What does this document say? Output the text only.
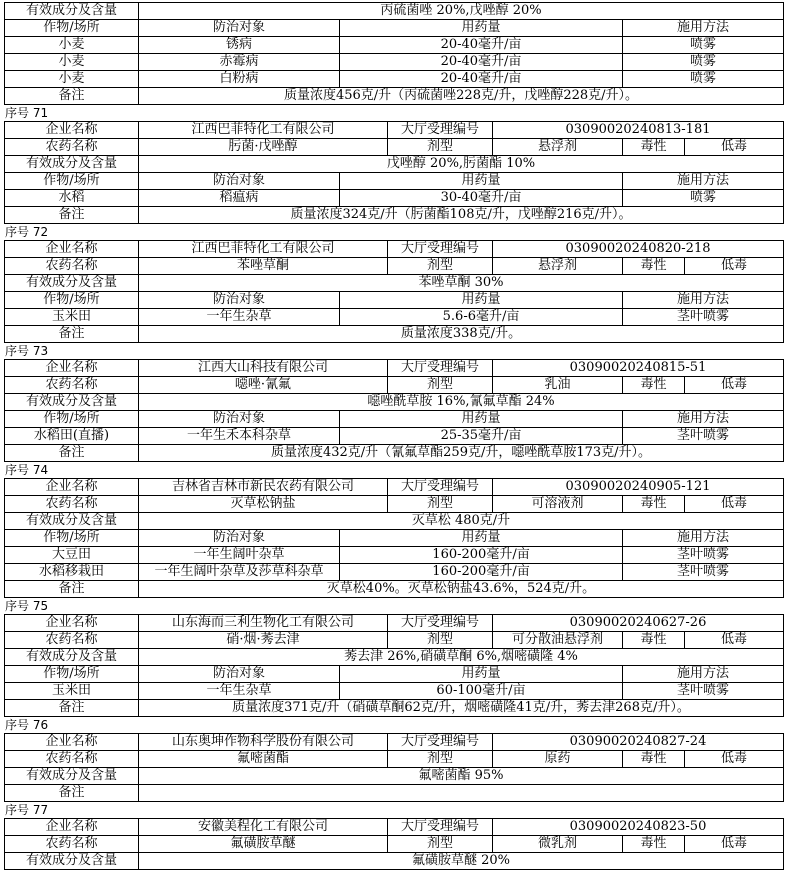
有效成分及含量	丙硫菌唑 20%,戊唑醇 20%
作物/场所	防治对象	用药量	施用方法
小麦	锈病	20-40毫升/亩	喷雾
小麦	赤霉病	20-40毫升/亩	喷雾
小麦	白粉病	20-40毫升/亩	喷雾
备注	质量浓度456克/升（丙硫菌唑228克/升，戊唑醇228克/升）。
序号 71
企业名称	江西巴菲特化工有限公司	大厅受理编号	03090020240813-181
农药名称	肟菌·戊唑醇	剂型	悬浮剂	毒性	低毒
有效成分及含量	戊唑醇 20%,肟菌酯 10%
作物/场所	防治对象	用药量	施用方法
水稻	稻瘟病	30-40毫升/亩	喷雾
备注	质量浓度324克/升（肟菌酯108克/升，戊唑醇216克/升）。
序号 72
企业名称	江西巴菲特化工有限公司	大厅受理编号	03090020240820-218
农药名称	苯唑草酮	剂型	悬浮剂	毒性	低毒
有效成分及含量	苯唑草酮 30%
作物/场所	防治对象	用药量	施用方法
玉米田	一年生杂草	5.6-6毫升/亩	茎叶喷雾
备注	质量浓度338克/升。
序号 73
企业名称	江西大山科技有限公司	大厅受理编号	03090020240815-51
农药名称	噁唑·氰氟	剂型	乳油	毒性	低毒
有效成分及含量	噁唑酰草胺 16%,氰氟草酯 24%
作物/场所	防治对象	用药量	施用方法
水稻田(直播)	一年生禾本科杂草	25-35毫升/亩	茎叶喷雾
备注	质量浓度432克/升（氰氟草酯259克/升，噁唑酰草胺173克/升）。
序号 74
企业名称	吉林省吉林市新民农药有限公司	大厅受理编号	03090020240905-121
农药名称	灭草松钠盐	剂型	可溶液剂	毒性	低毒
有效成分及含量	灭草松 480克/升
作物/场所	防治对象	用药量	施用方法
大豆田	一年生阔叶杂草	160-200毫升/亩	茎叶喷雾
水稻移栽田	一年生阔叶杂草及莎草科杂草	160-200毫升/亩	茎叶喷雾
备注	灭草松40%。灭草松钠盐43.6%，524克/升。
序号 75
企业名称	山东海而三利生物化工有限公司	大厅受理编号	03090020240627-26
农药名称	硝·烟·莠去津	剂型	可分散油悬浮剂	毒性	低毒
有效成分及含量	莠去津 26%,硝磺草酮 6%,烟嘧磺隆 4%
作物/场所	防治对象	用药量	施用方法
玉米田	一年生杂草	60-100毫升/亩	茎叶喷雾
备注	质量浓度371克/升（硝磺草酮62克/升，烟嘧磺隆41克/升，莠去津268克/升）。
序号 76
企业名称	山东奥坤作物科学股份有限公司	大厅受理编号	03090020240827-24
农药名称	氟嘧菌酯	剂型	原药	毒性	低毒
有效成分及含量	氟嘧菌酯 95%
备注
序号 77
企业名称	安徽美程化工有限公司	大厅受理编号	03090020240823-50
农药名称	氟磺胺草醚	剂型	微乳剂	毒性	低毒
有效成分及含量	氟磺胺草醚 20%
